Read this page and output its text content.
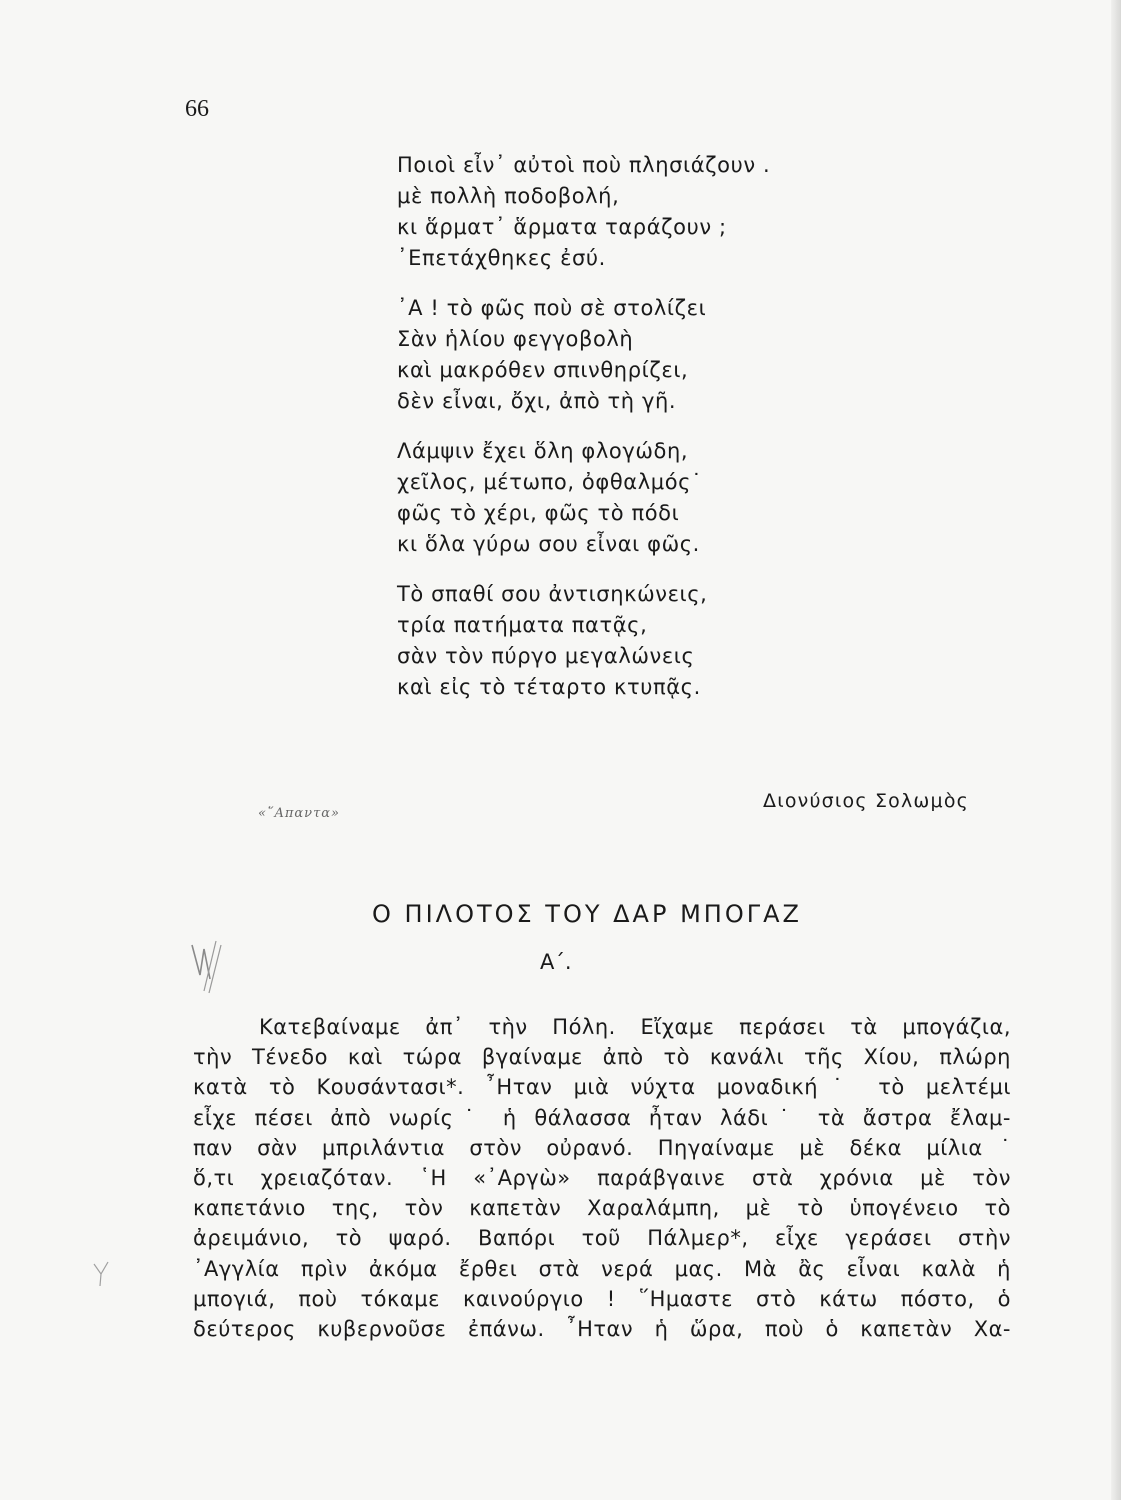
66
Ποιοὶ εἶν᾿ αὐτοὶ ποὺ πλησιάζουν .
μὲ πολλὴ ποδοβολή,
κι ἅρματ᾿ ἅρματα ταράζουν ;
᾿Επετάχθηκες ἐσύ.
᾿Α ! τὸ φῶς ποὺ σὲ στολίζει
Σὰν ἡλίου φεγγοβολὴ
καὶ μακρόθεν σπινθηρίζει,
δὲν εἶναι, ὄχι, ἀπὸ τὴ γῆ.
Λάμψιν ἔχει ὅλη φλογώδη,
χεῖλος, μέτωπο, ὀφθαλμός˙
φῶς τὸ χέρι, φῶς τὸ πόδι
κι ὅλα γύρω σου εἶναι φῶς.
Τὸ σπαθί σου ἀντισηκώνεις,
τρία πατήματα πατᾷς,
σὰν τὸν πύργο μεγαλώνεις
καὶ εἰς τὸ τέταρτο κτυπᾷς.
«῞Απαντα»
Διονύσιος Σολωμὸς
Ο ΠΙΛΟΤΟΣ ΤΟΥ ΔΑΡ ΜΠΟΓΑΖ
Α΄.
Κατεβαίναμε ἀπ᾿ τὴν Πόλη. Εἴχαμε περάσει τὰ μπογάζια,
τὴν Τένεδο καὶ τώρα βγαίναμε ἀπὸ τὸ κανάλι τῆς Χίου, πλώρη
κατὰ τὸ Κουσάντασι*. ῏Ηταν μιὰ νύχτα μοναδική˙ τὸ μελτέμι
εἶχε πέσει ἀπὸ νωρίς˙ ἡ θάλασσα ἦταν λάδι˙ τὰ ἄστρα ἔλαμ-
παν σὰν μπριλάντια στὸν οὐρανό. Πηγαίναμε μὲ δέκα μίλια˙
ὅ,τι χρειαζόταν. ῾Η «᾿Αργὼ» παράβγαινε στὰ χρόνια μὲ τὸν
καπετάνιο της, τὸν καπετὰν Χαραλάμπη, μὲ τὸ ὑπογένειο τὸ
ἀρειμάνιο, τὸ ψαρό. Βαπόρι τοῦ Πάλμερ*, εἶχε γεράσει στὴν
᾿Αγγλία πρὶν ἀκόμα ἔρθει στὰ νερά μας. Μὰ ἂς εἶναι καλὰ ἡ
μπογιά, ποὺ τόκαμε καινούργιο ! ῞Ημαστε στὸ κάτω πόστο, ὁ
δεύτερος κυβερνοῦσε ἐπάνω. ῏Ηταν ἡ ὥρα, ποὺ ὁ καπετὰν Χα-
